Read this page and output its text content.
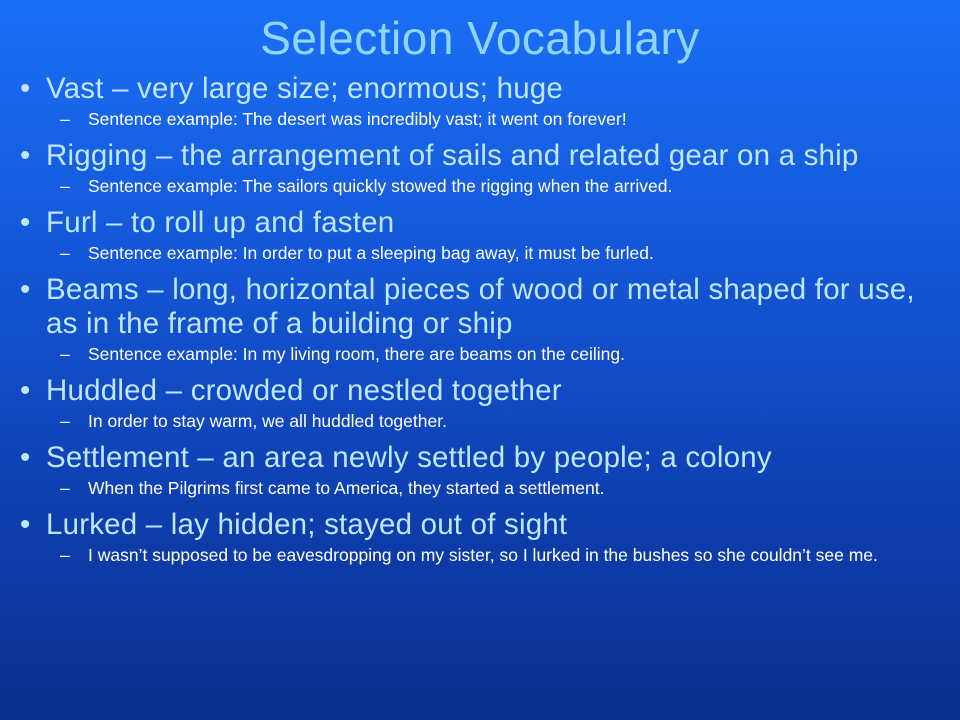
Selection Vocabulary
• Vast – very large size; enormous; huge
– Sentence example: The desert was incredibly vast; it went on forever!
• Rigging – the arrangement of sails and related gear on a ship
– Sentence example: The sailors quickly stowed the rigging when the arrived.
• Furl – to roll up and fasten
– Sentence example: In order to put a sleeping bag away, it must be furled.
• Beams – long, horizontal pieces of wood or metal shaped for use, as in the frame of a building or ship
– Sentence example: In my living room, there are beams on the ceiling.
• Huddled – crowded or nestled together
– In order to stay warm, we all huddled together.
• Settlement – an area newly settled by people; a colony
– When the Pilgrims first came to America, they started a settlement.
• Lurked – lay hidden; stayed out of sight
– I wasn’t supposed to be eavesdropping on my sister, so I lurked in the bushes so she couldn’t see me.
